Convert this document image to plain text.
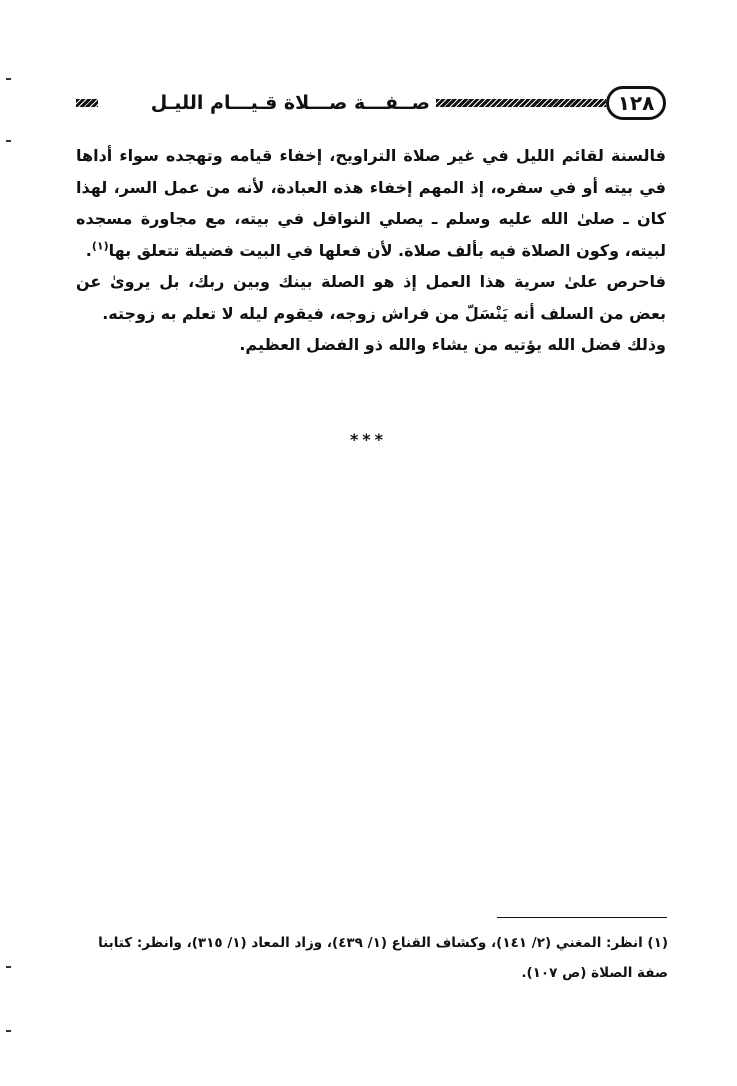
١٢٨
صــفـــة صـــلاة قـيـــام الليـل

فالسنة لقائم الليل في غير صلاة التراويح، إخفاء قيامه وتهجده سواء أداها في بيته أو في سفره، إذ المهم إخفاء هذه العبادة، لأنه من عمل السر، لهذا كان ـ صلىٰ الله عليه وسلم ـ يصلي النوافل في بيته، مع مجاورة مسجده لبيته، وكون الصلاة فيه بألف صلاة. لأن فعلها في البيت فضيلة تتعلق بها$^{(١)}$.

فاحرص علىٰ سرية هذا العمل إذ هو الصلة بينك وبين ربك، بل يروىٰ عن بعض من السلف أنه يَنْسَلّ من فراش زوجه، فيقوم ليله لا تعلم به زوجته.

وذلك فضل الله يؤتيه من يشاء والله ذو الفضل العظيم.

***

(١) انظر: المغني (٢/ ١٤١)، وكشاف القناع (١/ ٤٣٩)، وزاد المعاد (١/ ٣١٥)، وانظر: كتابنا

صفة الصلاة (ص ١٠٧).
